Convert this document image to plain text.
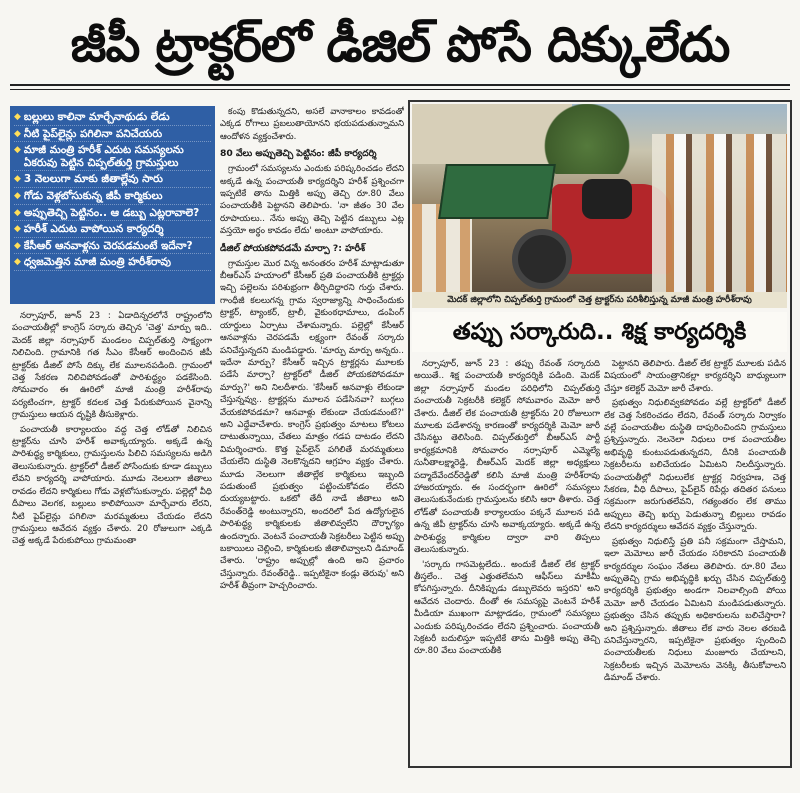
జీపీ ట్రాక్టర్‌లో డీజిల్ పోసే దిక్కులేదు
◆ బల్లులు కాలినా మార్చేనాథుడు లేడు
◆ నీటి పైప్‌లైన్లు పగిలినా పనిచేయరు
◆ మాజీ మంత్రి హరీశ్ ఎదుట సమస్యలను ఏకరువు పెట్టిన చిప్పల్‌తుర్తి గ్రామస్తులు
◆ 3 నెలలుగా మాకు జీతాల్లేవు సారు
◆ గోడు వెళ్లబోసుకున్న జీపీ కార్మికులు
◆ అప్పుతెచ్చి పెట్టినం.. ఆ డబ్బు ఎట్లరావాలె?
◆ హరీశ్ ఎదుట వాపోయిన కార్యదర్శి
◆ కేసీఆర్ ఆనవాళ్లను చెరపడమంటే ఇదేనా?
◆ ధ్వజమెత్తిన మాజీ మంత్రి హరీశ్‌రావు

నర్సాపూర్, జూన్ 23 : ఏడాదిన్నరలోనే రాష్ట్రంలోని పంచాయతీల్లో కాంగ్రెస్ సర్కారు తెచ్చిన 'చెత్త' మార్పు ఇది.. మెదక్ జిల్లా నర్సాపూర్ మండలం చిప్పల్‌తుర్తి సాక్ష్యంగా నిలిచింది. గ్రామానికి గత సీఎం కేసీఆర్ అందించిన జీపీ ట్రాక్టర్‌కు డీజిల్ పోసే దిక్కు లేక మూలనపడింది. గ్రామంలో చెత్త సేకరణ నిలిచిపోవడంతో పారిశుద్ధ్యం పడకేసింది. సోమవారం ఈ ఊరిలో మాజీ మంత్రి హరీశ్‌రావు పర్యటించగా, ట్రాక్టర్ కదలక చెత్త పేరుకుపోయిన వైనాన్ని గ్రామస్తులు ఆయన దృష్టికి తీసుకెళ్లారు.

పంచాయతీ కార్యాలయం వద్ద చెత్త లోడ్‌తో నిలిచిన ట్రాక్టర్‌ను చూసి హరీశ్ అవాక్కయ్యారు. అక్కడే ఉన్న పారిశుద్ధ్య కార్మికులు, గ్రామస్తులను పిలిచి సమస్యలను అడిగి తెలుసుకున్నారు. ట్రాక్టర్‌లో డీజిల్ పోసేందుకు కూడా డబ్బులు లేవని కార్యదర్శి వాపోయారు. మూడు నెలలుగా జీతాలు రావడం లేదని కార్మికులు గోడు వెళ్లబోసుకున్నారు. పల్లెల్లో వీధి దీపాలు వెలగక, బల్లులు కాలిపోయినా మార్చేవారు లేరని, నీటి పైప్‌లైన్లు పగిలినా మరమ్మతులు చేయడం లేదని గ్రామస్తులు ఆవేదన వ్యక్తం చేశారు. 20 రోజులుగా ఎక్కడి చెత్త అక్కడే పేరుకుపోయి గ్రామమంతా

కంపు కొడుతున్నదని, అసలే వానాకాలం కావడంతో ఎక్కడ రోగాలు ప్రబలుతాయోనని భయపడుతున్నామని ఆందోళన వ్యక్తంచేశారు.

80 వేలు అప్పుతెచ్చి పెట్టినం: జీపీ కార్యదర్శి

గ్రామంలో సమస్యలను ఎందుకు పరిష్కరించడం లేదని అక్కడే ఉన్న పంచాయతీ కార్యదర్శిని హరీశ్ ప్రశ్నించగా ఇప్పటికే తాను మిత్తికి అప్పు తెచ్చి రూ.80 వేలు పంచాయతీకి పెట్టానని తెలిపారు. 'నా జీతం 30 వేల రూపాయలు.. నేను అప్పు తెచ్చి పెట్టిన డబ్బులు ఎట్ల వస్తయో అర్థం కావడం లేదు' అంటూ వాపోయారు.

డీజిల్ పోయకపోవడమే మార్పా ?: హరీశ్

గ్రామస్తుల మొర విన్న అనంతరం హరీశ్ మాట్లాడుతూ బీఆర్ఎస్ హయాంలో కేసీఆర్ ప్రతి పంచాయతీకి ట్రాక్టర్లు ఇచ్చి పల్లెలను పరిశుభ్రంగా తీర్చిదిద్దారని గుర్తు చేశారు. గాంధీజీ కలలుగన్న గ్రామ స్వరాజ్యాన్ని సాధించేందుకు ట్రాక్టర్, ట్యాంకర్, ట్రాలీ, వైకుంఠధామాలు, డంపింగ్ యార్డులు ఏర్పాటు చేశామన్నారు. పల్లెల్లో కేసీఆర్ ఆనవాళ్లను చెరపడమే లక్ష్యంగా రేవంత్ సర్కారు పనిచేస్తున్నదని మండిపడ్డారు. 'మార్పు మార్పు అన్నరు.. ఇదేనా మార్పు? కేసీఆర్ ఇచ్చిన ట్రాక్టర్లను మూలకు పడేసే మార్పా? ట్రాక్టర్‌లో డీజిల్ పోయకపోవడమా మార్పు?' అని నిలదీశారు. 'కేసీఆర్ ఆనవాళ్లు లేకుండా చేస్తున్నవ్వు.. ట్రాక్టర్లను మూలన పడేసినవా? బుగ్గలు వేయకపోవడమా? ఆనవాళ్లు లేకుండా చేయడమంటే?' అని ఎద్దేవాచేశారు. కాంగ్రెస్ ప్రభుత్వం మాటలు కోటలు దాటుతున్నాయి, చేతలు మాత్రం గడప దాటడం లేదని విమర్శించారు. కొత్త పైప్‌లైన్ పగిలితే మరమ్మతులు చేయలేని దుస్థితి నెలకొన్నదని ఆగ్రహం వ్యక్తం చేశారు. మూడు నెలలుగా జీతాల్లేక కార్మికులు ఇబ్బంది పడుతుంటే ప్రభుత్వం పట్టించుకోవడం లేదని దుయ్యబట్టారు. ఒకటో తేదీ నాడే జీతాలు అని రేవంత్‌రెడ్డి అంటున్నారని, అందరిలో పేద ఉద్యోగులైన పారిశుద్ధ్య కార్మికులకు జీతాలివ్వలేని దౌర్భాగ్యం ఉందన్నారు. వెంటనే పంచాయతీ సెక్రటరీలు పెట్టిన అప్పు బకాయిలు చెల్లించి, కార్మికులకు జీతాలివ్వాలని డిమాండ్ చేశారు. 'రాష్ట్రం అప్పుల్లో ఉంది అని ప్రచారం చేస్తున్నారు. రేవంత్‌రెడ్డి.. ఇప్పటికైనా కండ్లు తెరువు' అని హరీశ్ తీవ్రంగా హెచ్చరించారు.

మెదక్ జిల్లాలోని చిప్పల్‌తుర్తి గ్రామంలో చెత్త ట్రాక్టర్‌ను పరిశీలిస్తున్న మాజీ మంత్రి హరీశ్‌రావు
తప్పు సర్కారుది.. శిక్ష కార్యదర్శికి

నర్సాపూర్, జూన్ 23 : తప్పు రేవంత్ సర్కారుది అయితే.. శిక్ష పంచాయతీ కార్యదర్శికి పడింది. మెదక్ జిల్లా నర్సాపూర్ మండల పరిధిలోని చిప్పల్‌తుర్తి పంచాయతీ సెక్రటరీకి కలెక్టర్ సోమవారం మెమో జారీ చేశారు. డీజిల్ లేక పంచాయతీ ట్రాక్టర్‌ను 20 రోజులుగా మూలకు పడేశారన్న కారణంతో కార్యదర్శికి మెమో జారీ చేసినట్టు తెలిసింది. చిప్పల్‌తుర్తిలో బీఆర్ఎస్ పార్టీ కార్యక్రమానికి సోమవారం నర్సాపూర్ ఎమ్మెల్యే సునీతాలక్ష్మారెడ్డి, బీఆర్ఎస్ మెదక్ జిల్లా అధ్యక్షులు పద్మాదేవేందర్‌రెడ్డితో కలిసి మాజీ మంత్రి హరీశ్‌రావు హాజరయ్యారు. ఈ సందర్భంగా ఊరిలో సమస్యలు తెలుసుకునేందుకు గ్రామస్తులను కలిసి ఆరా తీశారు. చెత్త లోడ్‌తో పంచాయతీ కార్యాలయం పక్కనే మూలన పడి ఉన్న జీపీ ట్రాక్టర్‌ను చూసి అవాక్కయ్యారు. అక్కడే ఉన్న పారిశుద్ధ్య కార్మికుల ద్వారా వారి తిప్పలు తెలుసుకున్నారు.

'సర్కారు గాసమెట్లలేదు.. అందుకే డీజిల్ లేక ట్రాక్టర్ తీస్తలేం.. చెత్త ఎత్తుతలేమని ఆఫీస్‌లు మాకీమీ కోపగిస్తున్నారు. దీనికిప్పుడు డబ్బులెవరు ఇస్తరని' అని ఆవేదన చెందారు. దీంతో ఈ సమస్యపై వెంటనే హరీశ్ మీడియా ముఖంగా మాట్లాడడం, గ్రామంలో సమస్యలు ఎందుకు పరిష్కరించడం లేదని ప్రశ్నించారు. పంచాయతీ సెక్రటరీ బదులిస్తూ ఇప్పటికే తాను మిత్తికి అప్పు తెచ్చి రూ.80 వేలు పంచాయతీకి

పెట్టానని తెలిపారు. డీజిల్ లేక ట్రాక్టర్ మూలకు పడిన విషయంలో సాయంత్రానికల్లా కార్యదర్శిని బాధ్యులుగా చేస్తూ కలెక్టర్ మెమో జారీ చేశారు.

ప్రభుత్వం నిధులివ్వకపోవడం వల్లే ట్రాక్టర్‌లో డీజిల్ లేక చెత్త సేకరించడం లేదని, రేవంత్ సర్కారు నిర్వాకం వల్లే పంచాయతీల దుస్థితి దాపురించిందని గ్రామస్తులు ప్రశ్నిస్తున్నారు. నెలనెలా నిధులు రాక పంచాయతీల అభివృద్ధి కుంటుపడుతున్నదని, దీనికి పంచాయతీ సెక్రటరీలను బలిచేయడం ఏమిటని నిలదీస్తున్నారు. పంచాయతీల్లో నిధులులేక ట్రాక్టర్ల నిర్వహణ, చెత్త సేకరణ, వీధి దీపాలు, పైప్‌లైన్ రిపేర్లు తదితర పనులు సక్రమంగా జరుగుతలేవని, గత్యంతరం లేక తాము అప్పులు తెచ్చి ఖర్చు పెడుతున్నా బిల్లులు రావడం లేదని కార్యదర్శులు ఆవేదన వ్యక్తం చేస్తున్నారు.

ప్రభుత్వం నిధులిస్తే ప్రతి పనీ సక్రమంగా చేస్తామని, ఇలా మెమోలు జారీ చేయడం సరికాదని పంచాయతీ కార్యదర్శుల సంఘం నేతలు తెలిపారు. రూ.80 వేలు అప్పుతెచ్చి గ్రామ అభివృద్ధికి ఖర్చు చేసిన చిప్పల్‌తుర్తి కార్యదర్శికి ప్రభుత్వం అండగా నిలవాల్సింది పోయి మెమో జారీ చేయడం ఏమిటని మండిపడుతున్నారు. ప్రభుత్వం చేసిన తప్పుకు అధికారులను బలిచేస్తారా? అని ప్రశ్నిస్తున్నారు. జీతాలు లేక వారు నెలల తరబడి పనిచేస్తున్నారని, ఇప్పటికైనా ప్రభుత్వం స్పందించి పంచాయతీలకు నిధులు మంజూరు చేయాలని, సెక్రటరీలకు ఇచ్చిన మెమోలను వెనక్కి తీసుకోవాలని డిమాండ్ చేశారు.
